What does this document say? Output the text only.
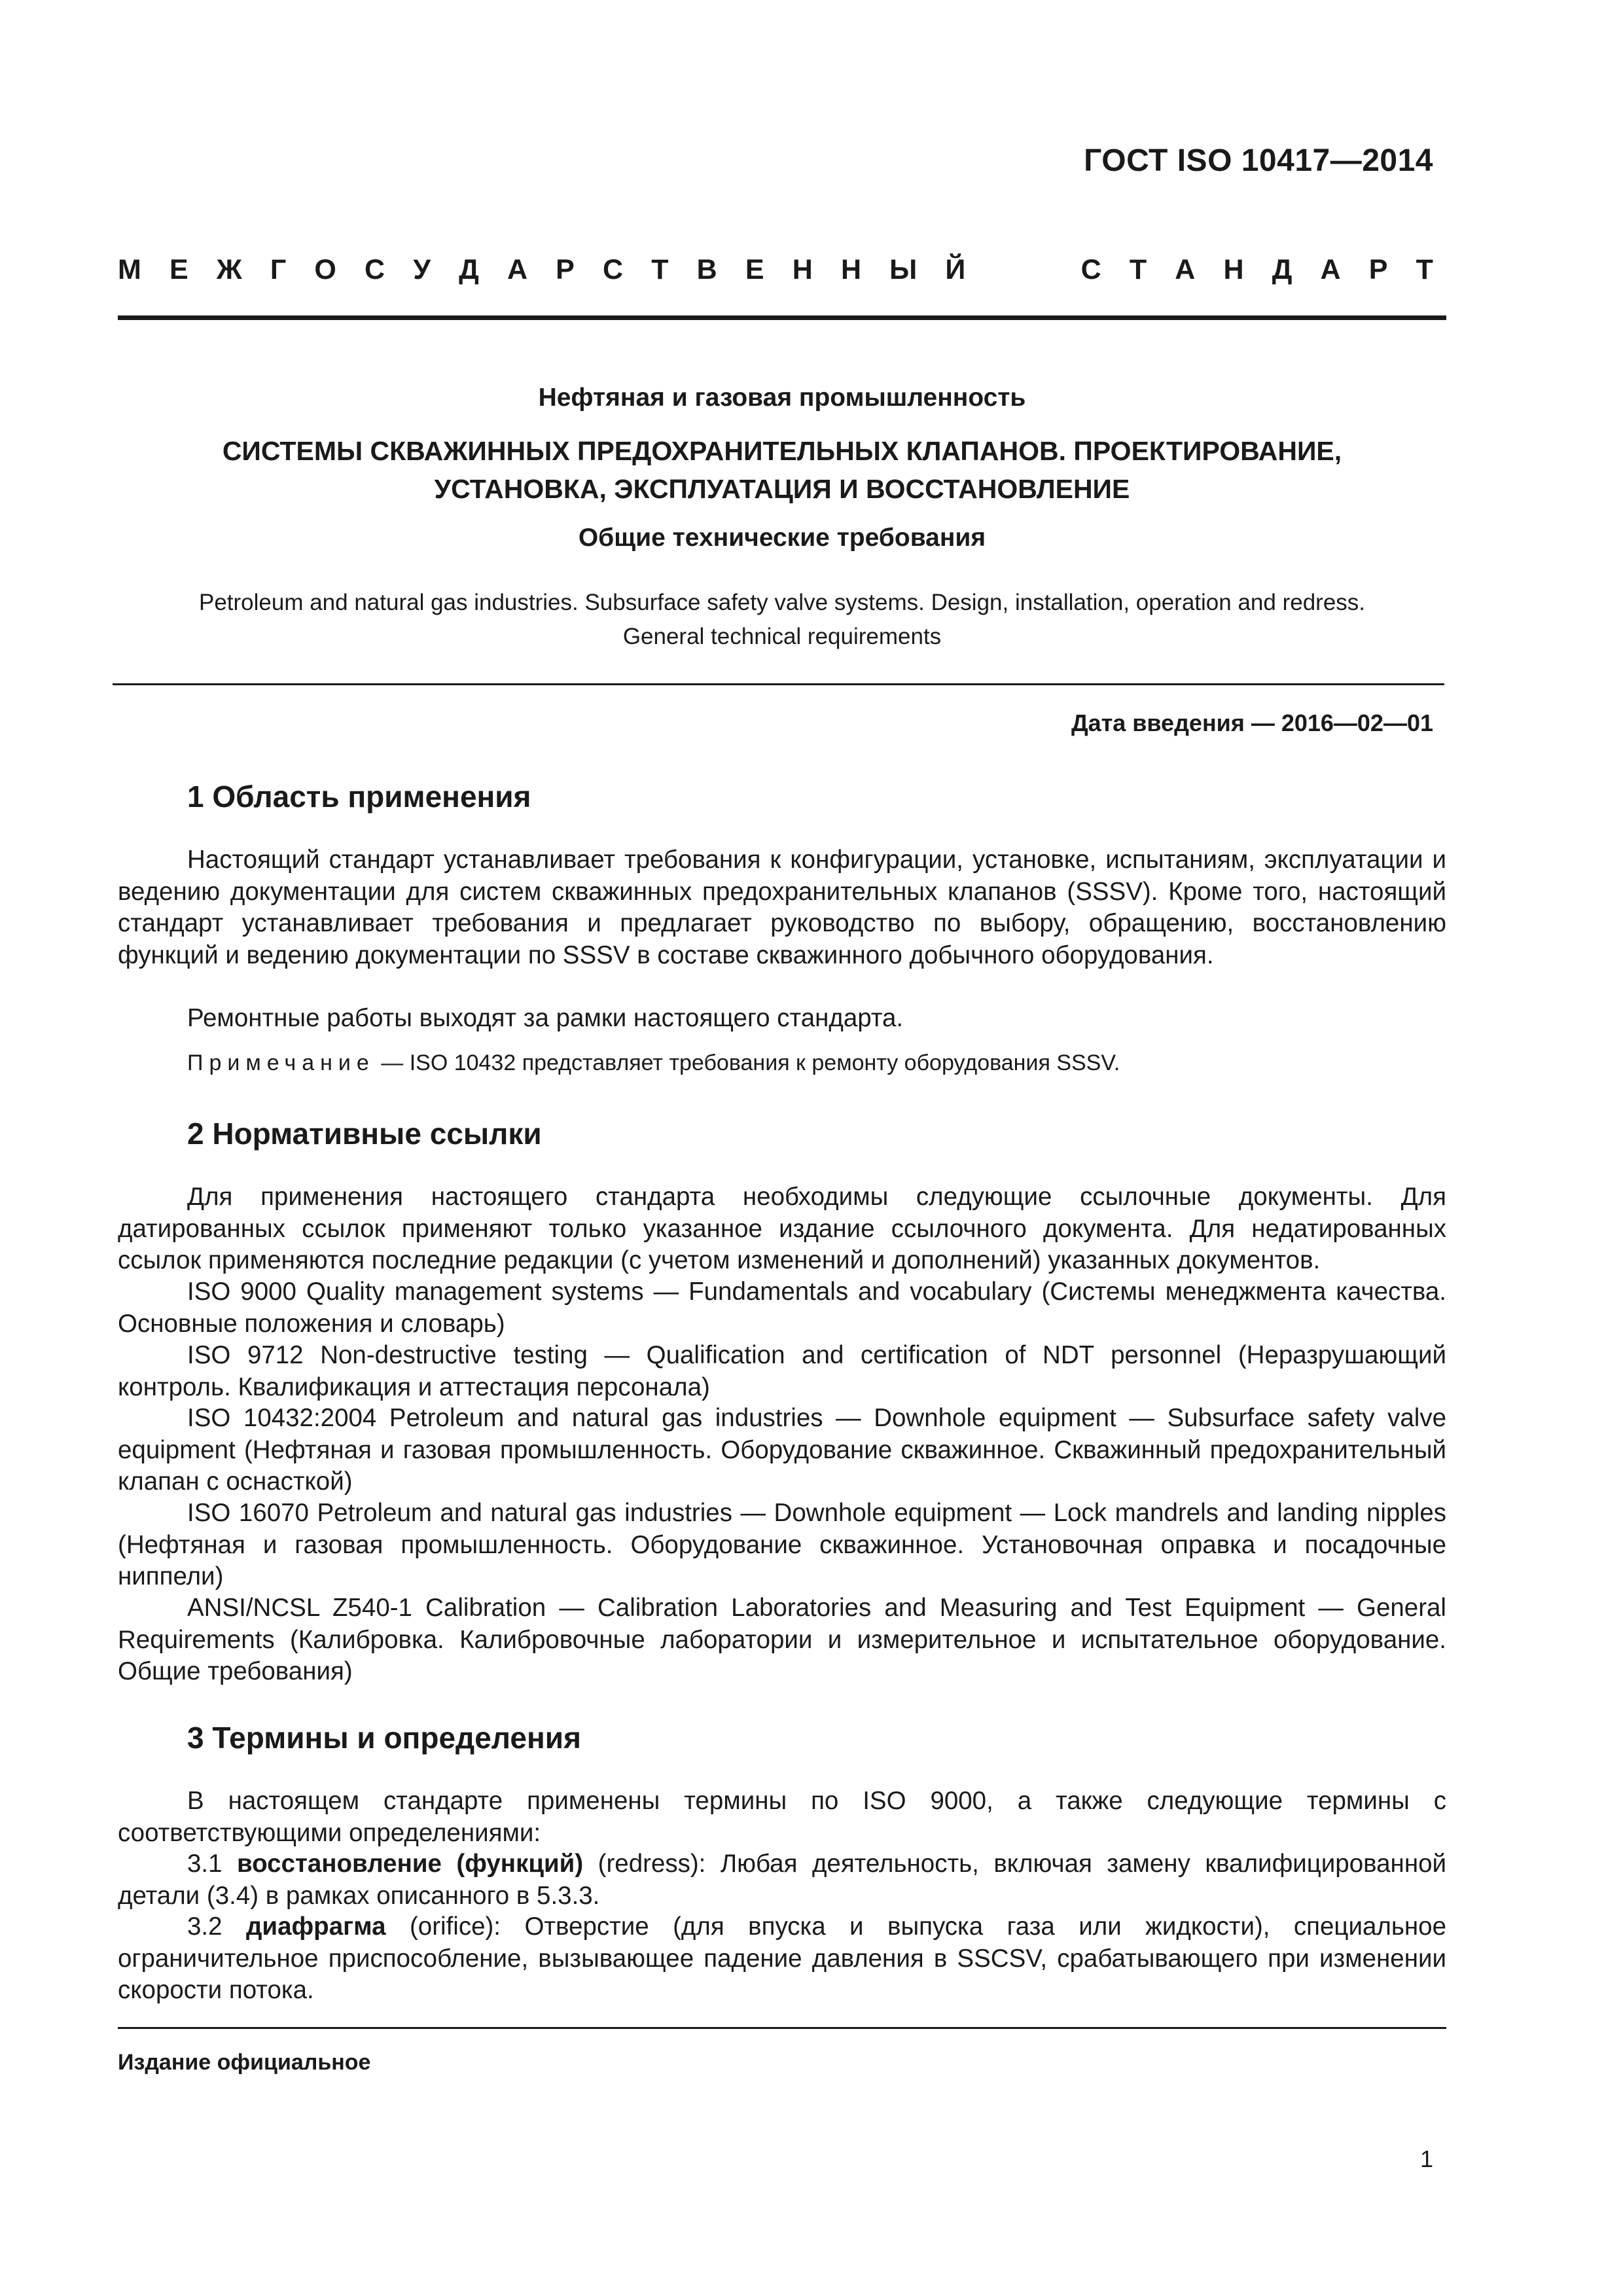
ГОСТ ISO 10417—2014
М Е Ж Г О С У Д А Р С Т В Е Н Н Ы Й	С Т А Н Д А Р Т
Нефтяная и газовая промышленность
СИСТЕМЫ СКВАЖИННЫХ ПРЕДОХРАНИТЕЛЬНЫХ КЛАПАНОВ. ПРОЕКТИРОВАНИЕ,
УСТАНОВКА, ЭКСПЛУАТАЦИЯ И ВОССТАНОВЛЕНИЕ
Общие технические требования
Petroleum and natural gas industries. Subsurface safety valve systems. Design, installation, operation and redress.
General technical requirements
Дата введения — 2016—02—01
1 Область применения
Настоящий стандарт устанавливает требования к конфигурации, установке, испытаниям, эксплуатации и ведению документации для систем скважинных предохранительных клапанов (SSSV). Кроме того, настоящий стандарт устанавливает требования и предлагает руководство по выбору, обращению, восстановлению функций и ведению документации по SSSV в составе скважинного добычного оборудования.
Ремонтные работы выходят за рамки настоящего стандарта.
Примечание — ISO 10432 представляет требования к ремонту оборудования SSSV.
2 Нормативные ссылки
Для применения настоящего стандарта необходимы следующие ссылочные документы. Для датированных ссылок применяют только указанное издание ссылочного документа. Для недатированных ссылок применяются последние редакции (с учетом изменений и дополнений) указанных документов.
ISO 9000 Quality management systems — Fundamentals and vocabulary (Системы менеджмента качества. Основные положения и словарь)
ISO 9712 Non-destructive testing — Qualification and certification of NDT personnel (Неразрушающий контроль. Квалификация и аттестация персонала)
ISO 10432:2004 Petroleum and natural gas industries — Downhole equipment — Subsurface safety valve equipment (Нефтяная и газовая промышленность. Оборудование скважинное. Скважинный предохранительный клапан с оснасткой)
ISO 16070 Petroleum and natural gas industries — Downhole equipment — Lock mandrels and landing nipples (Нефтяная и газовая промышленность. Оборудование скважинное. Установочная оправка и посадочные ниппели)
ANSI/NCSL Z540-1 Calibration — Calibration Laboratories and Measuring and Test Equipment — General Requirements (Калибровка. Калибровочные лаборатории и измерительное и испытательное оборудование. Общие требования)
3 Термины и определения
В настоящем стандарте применены термины по ISO 9000, а также следующие термины с соответствующими определениями:
3.1 восстановление (функций) (redress): Любая деятельность, включая замену квалифицированной детали (3.4) в рамках описанного в 5.3.3.
3.2 диафрагма (orifice): Отверстие (для впуска и выпуска газа или жидкости), специальное ограничительное приспособление, вызывающее падение давления в SSCSV, срабатывающего при изменении скорости потока.
Издание официальное
1
